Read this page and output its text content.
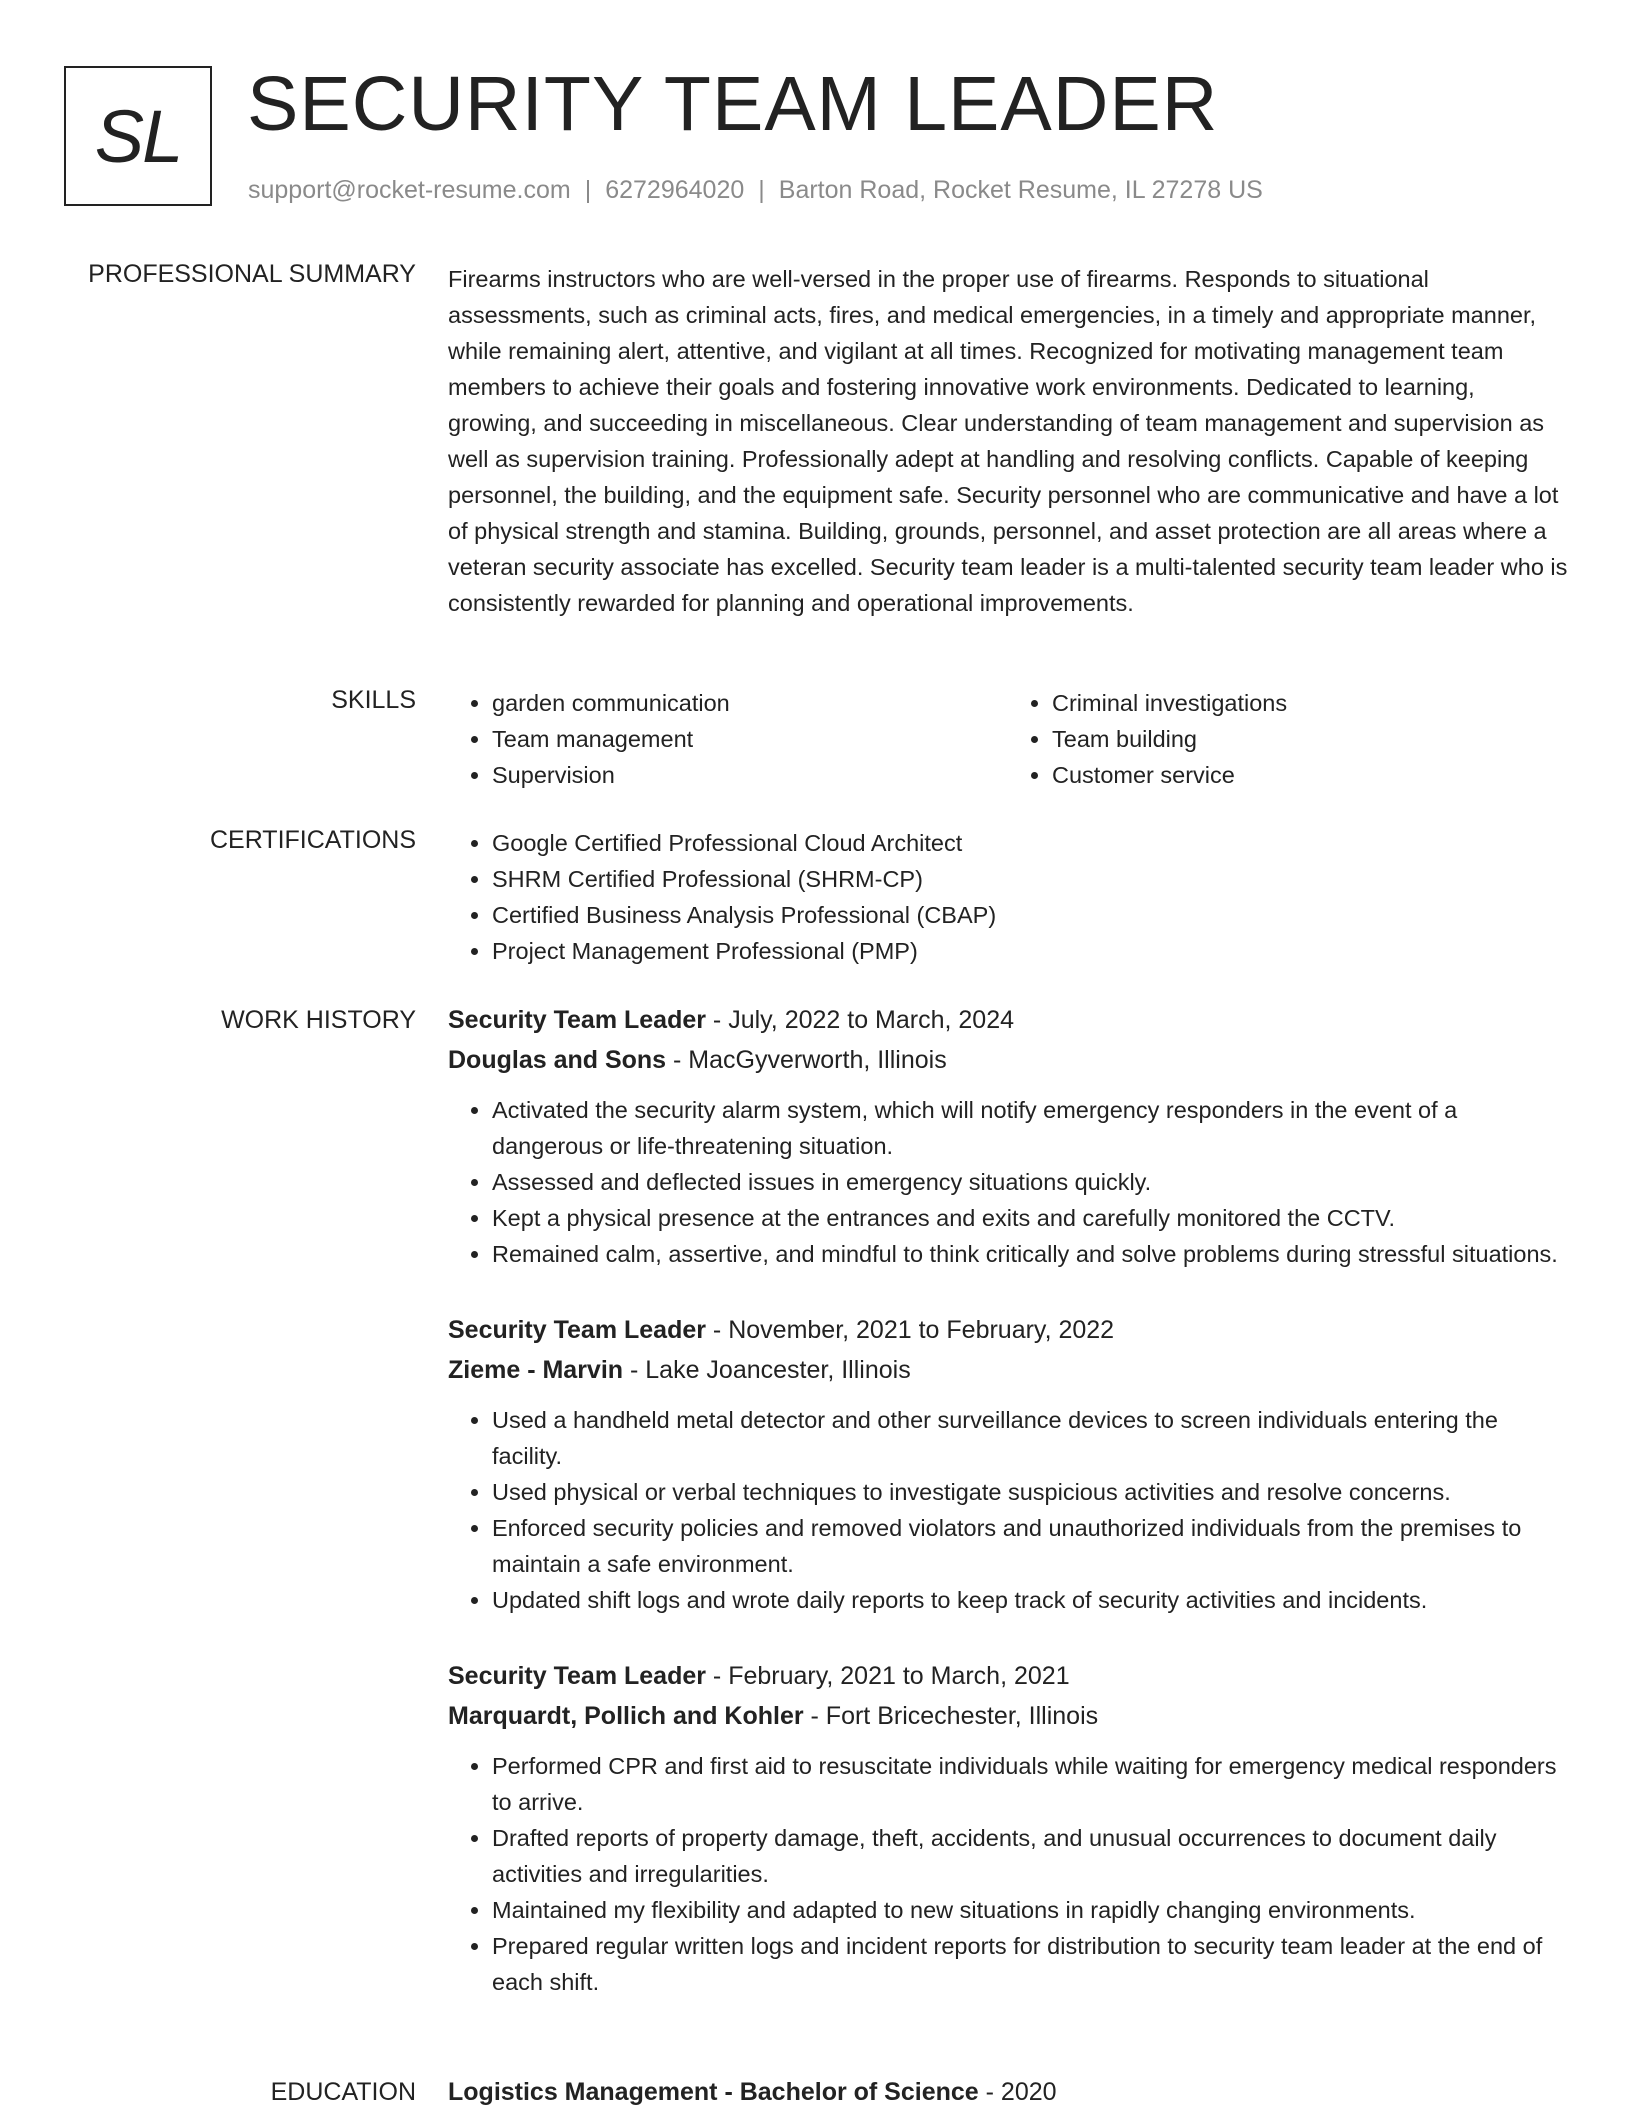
SL SECURITY TEAM LEADER
support@rocket-resume.com | 6272964020 | Barton Road, Rocket Resume, IL 27278 US
PROFESSIONAL SUMMARY Firearms instructors who are well-versed in the proper use of firearms. Responds to situational assessments, such as criminal acts, fires, and medical emergencies, in a timely and appropriate manner, while remaining alert, attentive, and vigilant at all times. Recognized for motivating management team members to achieve their goals and fostering innovative work environments. Dedicated to learning, growing, and succeeding in miscellaneous. Clear understanding of team management and supervision as well as supervision training. Professionally adept at handling and resolving conflicts. Capable of keeping personnel, the building, and the equipment safe. Security personnel who are communicative and have a lot of physical strength and stamina. Building, grounds, personnel, and asset protection are all areas where a veteran security associate has excelled. Security team leader is a multi-talented security team leader who is consistently rewarded for planning and operational improvements.

SKILLS	• garden communication
• Team management
• Supervision
• Criminal investigations
• Team building
• Customer service
CERTIFICATIONS	• Google Certified Professional Cloud Architect
• SHRM Certified Professional (SHRM-CP)
• Certified Business Analysis Professional (CBAP)
• Project Management Professional (PMP)
WORK HISTORY Security Team Leader - July, 2022 to March, 2024
Douglas and Sons - MacGyverworth, Illinois
• Activated the security alarm system, which will notify emergency responders in the event of a dangerous or life-threatening situation.
• Assessed and deflected issues in emergency situations quickly.
• Kept a physical presence at the entrances and exits and carefully monitored the CCTV.
• Remained calm, assertive, and mindful to think critically and solve problems during stressful situations.
Security Team Leader - November, 2021 to February, 2022
Zieme - Marvin - Lake Joancester, Illinois
• Used a handheld metal detector and other surveillance devices to screen individuals entering the facility.
• Used physical or verbal techniques to investigate suspicious activities and resolve concerns.
• Enforced security policies and removed violators and unauthorized individuals from the premises to maintain a safe environment.
• Updated shift logs and wrote daily reports to keep track of security activities and incidents.
Security Team Leader - February, 2021 to March, 2021
Marquardt, Pollich and Kohler - Fort Bricechester, Illinois
• Performed CPR and first aid to resuscitate individuals while waiting for emergency medical responders to arrive.
• Drafted reports of property damage, theft, accidents, and unusual occurrences to document daily activities and irregularities.
• Maintained my flexibility and adapted to new situations in rapidly changing environments.
• Prepared regular written logs and incident reports for distribution to security team leader at the end of each shift.
EDUCATION Logistics Management - Bachelor of Science - 2020
